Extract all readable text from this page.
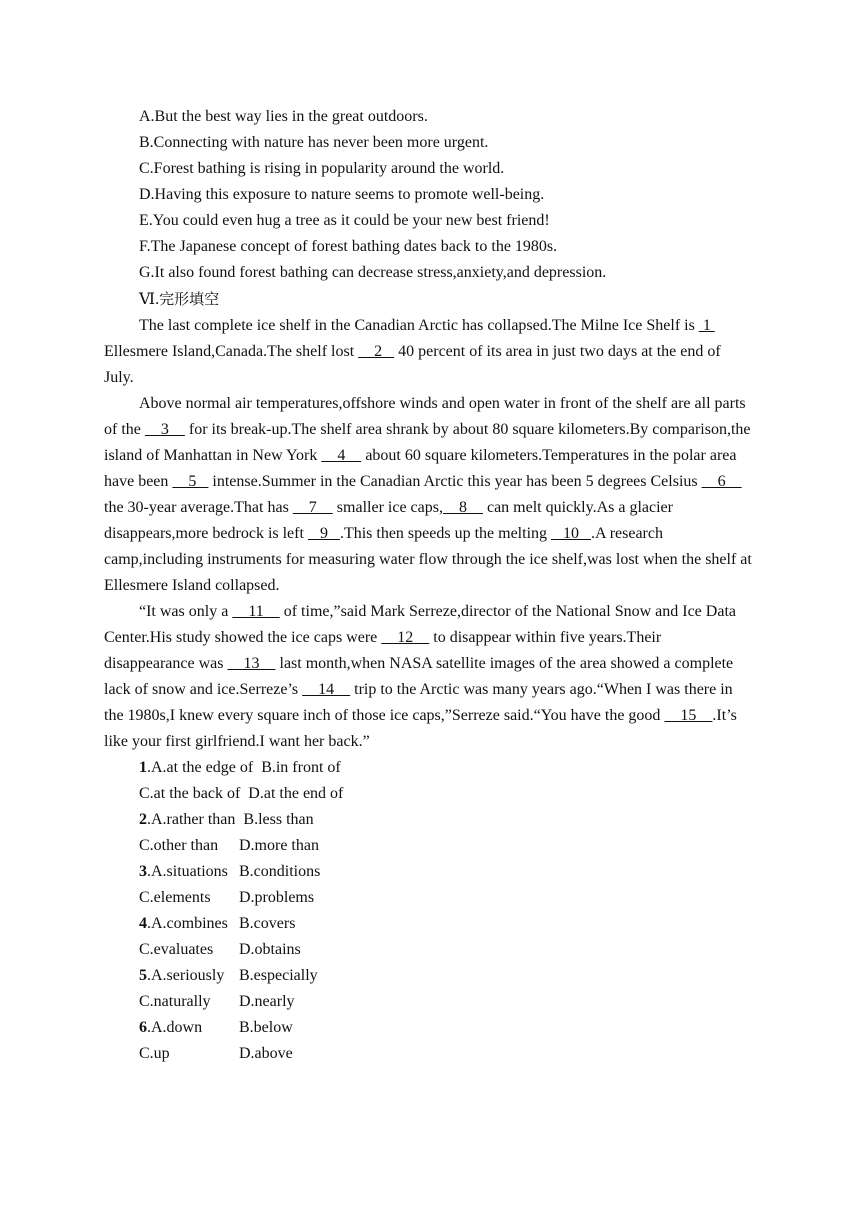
A.But the best way lies in the great outdoors.
B.Connecting with nature has never been more urgent.
C.Forest bathing is rising in popularity around the world.
D.Having this exposure to nature seems to promote well-being.
E.You could even hug a tree as it could be your new best friend!
F.The Japanese concept of forest bathing dates back to the 1980s.
G.It also found forest bathing can decrease stress,anxiety,and depression.
Ⅵ.完形填空

The last complete ice shelf in the Canadian Arctic has collapsed.The Milne Ice Shelf is  1  Ellesmere Island,Canada.The shelf lost     2    40 percent of its area in just two days at the end of July.

Above normal air temperatures,offshore winds and open water in front of the shelf are all parts of the     3     for its break-up.The shelf area shrank by about 80 square kilometers.By comparison,the island of Manhattan in New York     4     about 60 square kilometers.Temperatures in the polar area have been     5    intense.Summer in the Canadian Arctic this year has been 5 degrees Celsius     6     the 30-year average.That has     7     smaller ice caps,    8     can melt quickly.As a glacier disappears,more bedrock is left    9   .This then speeds up the melting    10   .A research camp,including instruments for measuring water flow through the ice shelf,was lost when the shelf at Ellesmere Island collapsed.

“It was only a     11     of time,”said Mark Serreze,director of the National Snow and Ice Data Center.His study showed the ice caps were     12     to disappear within five years.Their disappearance was     13     last month,when NASA satellite images of the area showed a complete lack of snow and ice.Serreze’s     14     trip to the Arctic was many years ago.“When I was there in the 1980s,I knew every square inch of those ice caps,”Serreze said.“You have the good     15    .It’s like your first girlfriend.I want her back.”

1.A.at the edge of  B.in front of
C.at the back of  D.at the end of
2.A.rather than  B.less than
C.other than D.more than
3.A.situations B.conditions
C.elements D.problems
4.A.combines B.covers
C.evaluates D.obtains
5.A.seriously B.especially
C.naturally D.nearly
6.A.down B.below
C.up	D.above
